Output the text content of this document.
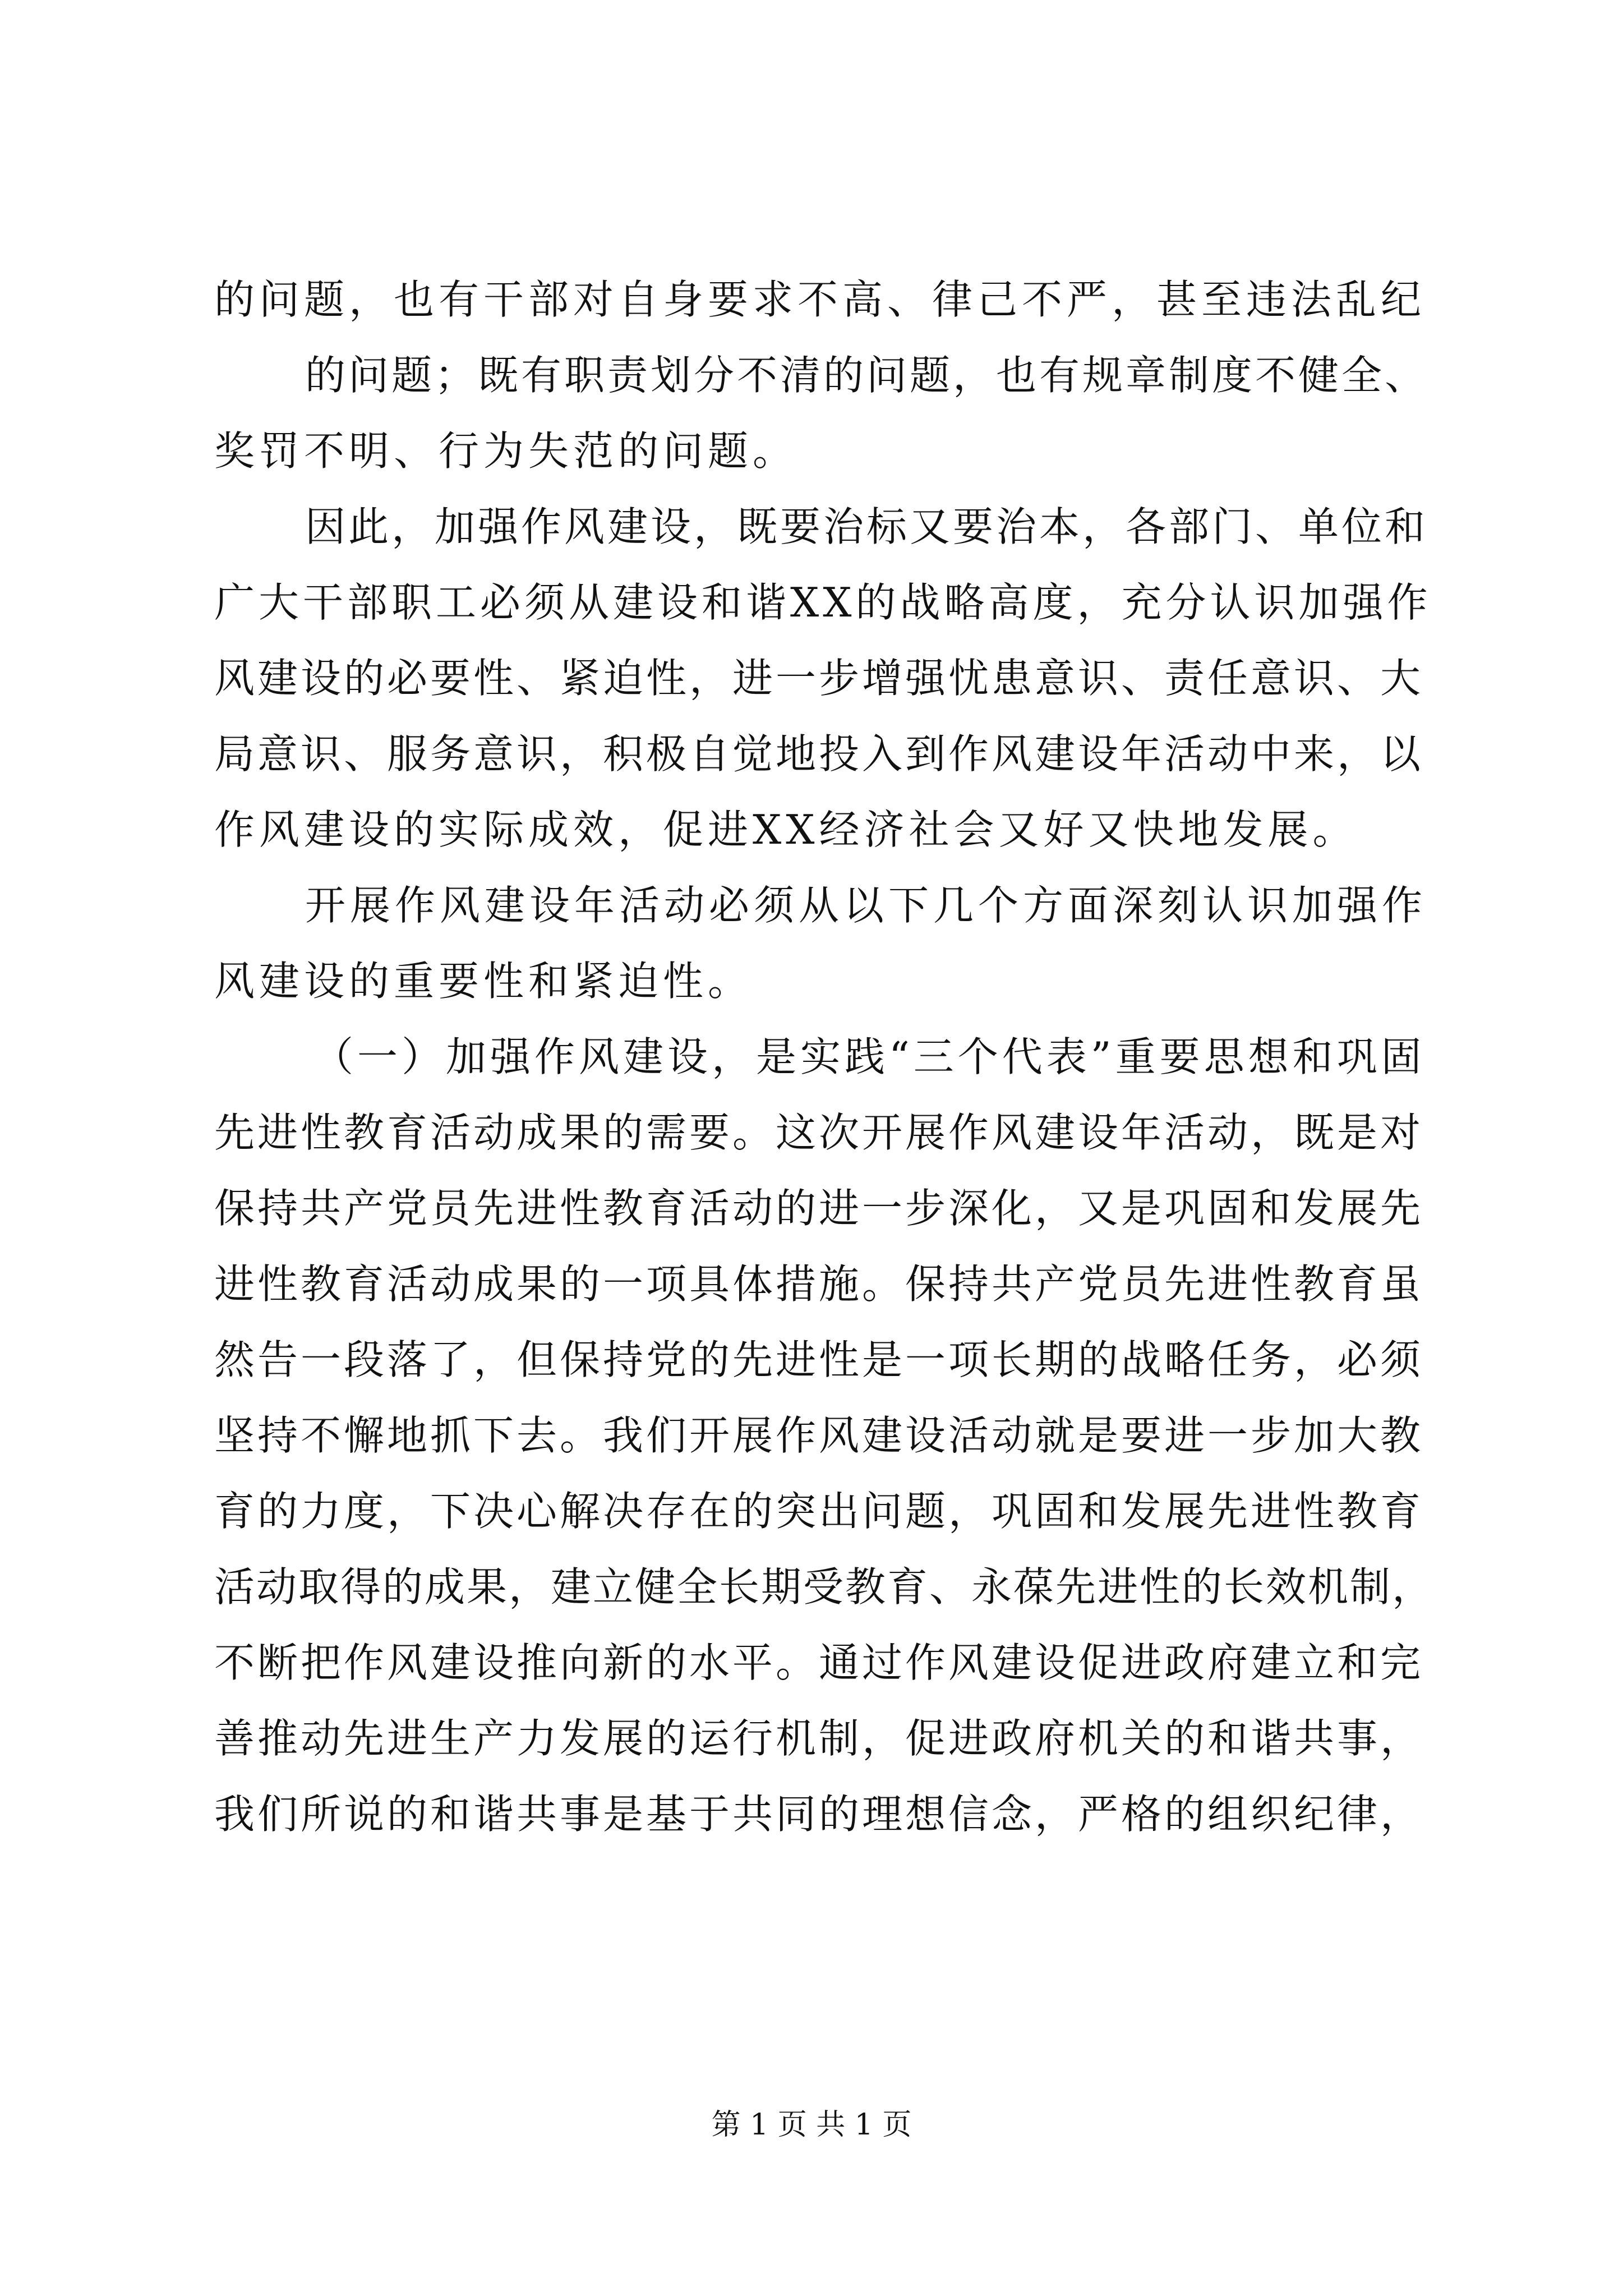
的问题，也有干部对自身要求不高、律己不严，甚至违法乱纪
的问题；既有职责划分不清的问题，也有规章制度不健全、
奖罚不明、行为失范的问题。
因此，加强作风建设，既要治标又要治本，各部门、单位和
广大干部职工必须从建设和谐XX的战略高度，充分认识加强作
风建设的必要性、紧迫性，进一步增强忧患意识、责任意识、大
局意识、服务意识，积极自觉地投入到作风建设年活动中来，以
作风建设的实际成效，促进XX经济社会又好又快地发展。
开展作风建设年活动必须从以下几个方面深刻认识加强作
风建设的重要性和紧迫性。
（一）加强作风建设，是实践“三个代表”重要思想和巩固
先进性教育活动成果的需要。这次开展作风建设年活动，既是对
保持共产党员先进性教育活动的进一步深化，又是巩固和发展先
进性教育活动成果的一项具体措施。保持共产党员先进性教育虽
然告一段落了，但保持党的先进性是一项长期的战略任务，必须
坚持不懈地抓下去。我们开展作风建设活动就是要进一步加大教
育的力度，下决心解决存在的突出问题，巩固和发展先进性教育
活动取得的成果，建立健全长期受教育、永葆先进性的长效机制，
不断把作风建设推向新的水平。通过作风建设促进政府建立和完
善推动先进生产力发展的运行机制，促进政府机关的和谐共事，
我们所说的和谐共事是基于共同的理想信念，严格的组织纪律，
第 1 页 共 1 页
